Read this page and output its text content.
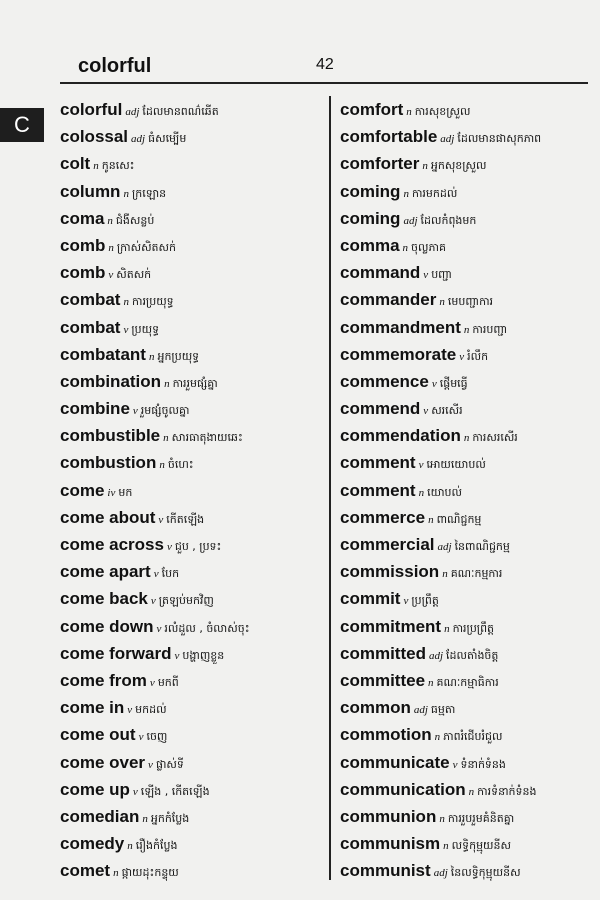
colorful	42
C
colorful adj ដែលមានពណ៌ឆើត
colossal adj ធំសម្បើម
colt n កូនសេះ
column n ក្រឡោន
coma n ជំងឺសន្លប់
comb n ក្រាស់សិតសក់
comb v សិតសក់
combat n ការប្រយុទ្ធ
combat v ប្រយុទ្ធ
combatant n អ្នកប្រយុទ្ធ
combination n ការរួមផ្សំគ្នា
combine v រួមផ្សំចូលគ្នា
combustible n សារធាតុងាយឆេះ
combustion n ចំហេះ
come iv មក
come about v កើតឡើង
come across v ជួប , ប្រទះ
come apart v បែក
come back v ត្រឡប់មកវិញ
come down v រលំដួល , ចំលាស់ចុះ
come forward v បង្ហាញខ្លួន
come from v មកពី
come in v មកដល់
come out v ចេញ
come over v ផ្លាស់ទី
come up v ឡើង , កើតឡើង
comedian n អ្នកកំប្លែង
comedy n រឿងកំប្លែង
comet n ផ្កាយដុះកន្ទុយ
comfort n ការសុខស្រួល
comfortable adj ដែលមានផាសុកភាព
comforter n អ្នកសុខស្រួល
coming n ការមកដល់
coming adj ដែលកំពុងមក
comma n ចុល្លភាគ
command v បញ្ជា
commander n មេបញ្ជាការ
commandment n ការបញ្ជា
commemorate v រំលឹក
commence v ផ្តើមធ្វើ
commend v សរសើរ
commendation n ការសរសើរ
comment v អោយយោបល់
comment n យោបល់
commerce n ពាណិជ្ជកម្ម
commercial adj នៃពាណិជ្ជកម្ម
commission n គណៈកម្មការ
commit v ប្រព្រឹត្ត
commitment n ការប្រព្រឹត្ត
committed adj ដែលតាំងចិត្ត
committee n គណៈកម្មាធិការ
common adj ធម្មតា
commotion n ភាពរំជើបរំជួល
communicate v ទំនាក់ទំនង
communication n ការទំនាក់ទំនង
communion n ការរួបរួមគំនិតគ្នា
communism n លទ្ធិកុម្មុយនីស
communist adj នៃលទ្ធិកុម្មុយនីស
